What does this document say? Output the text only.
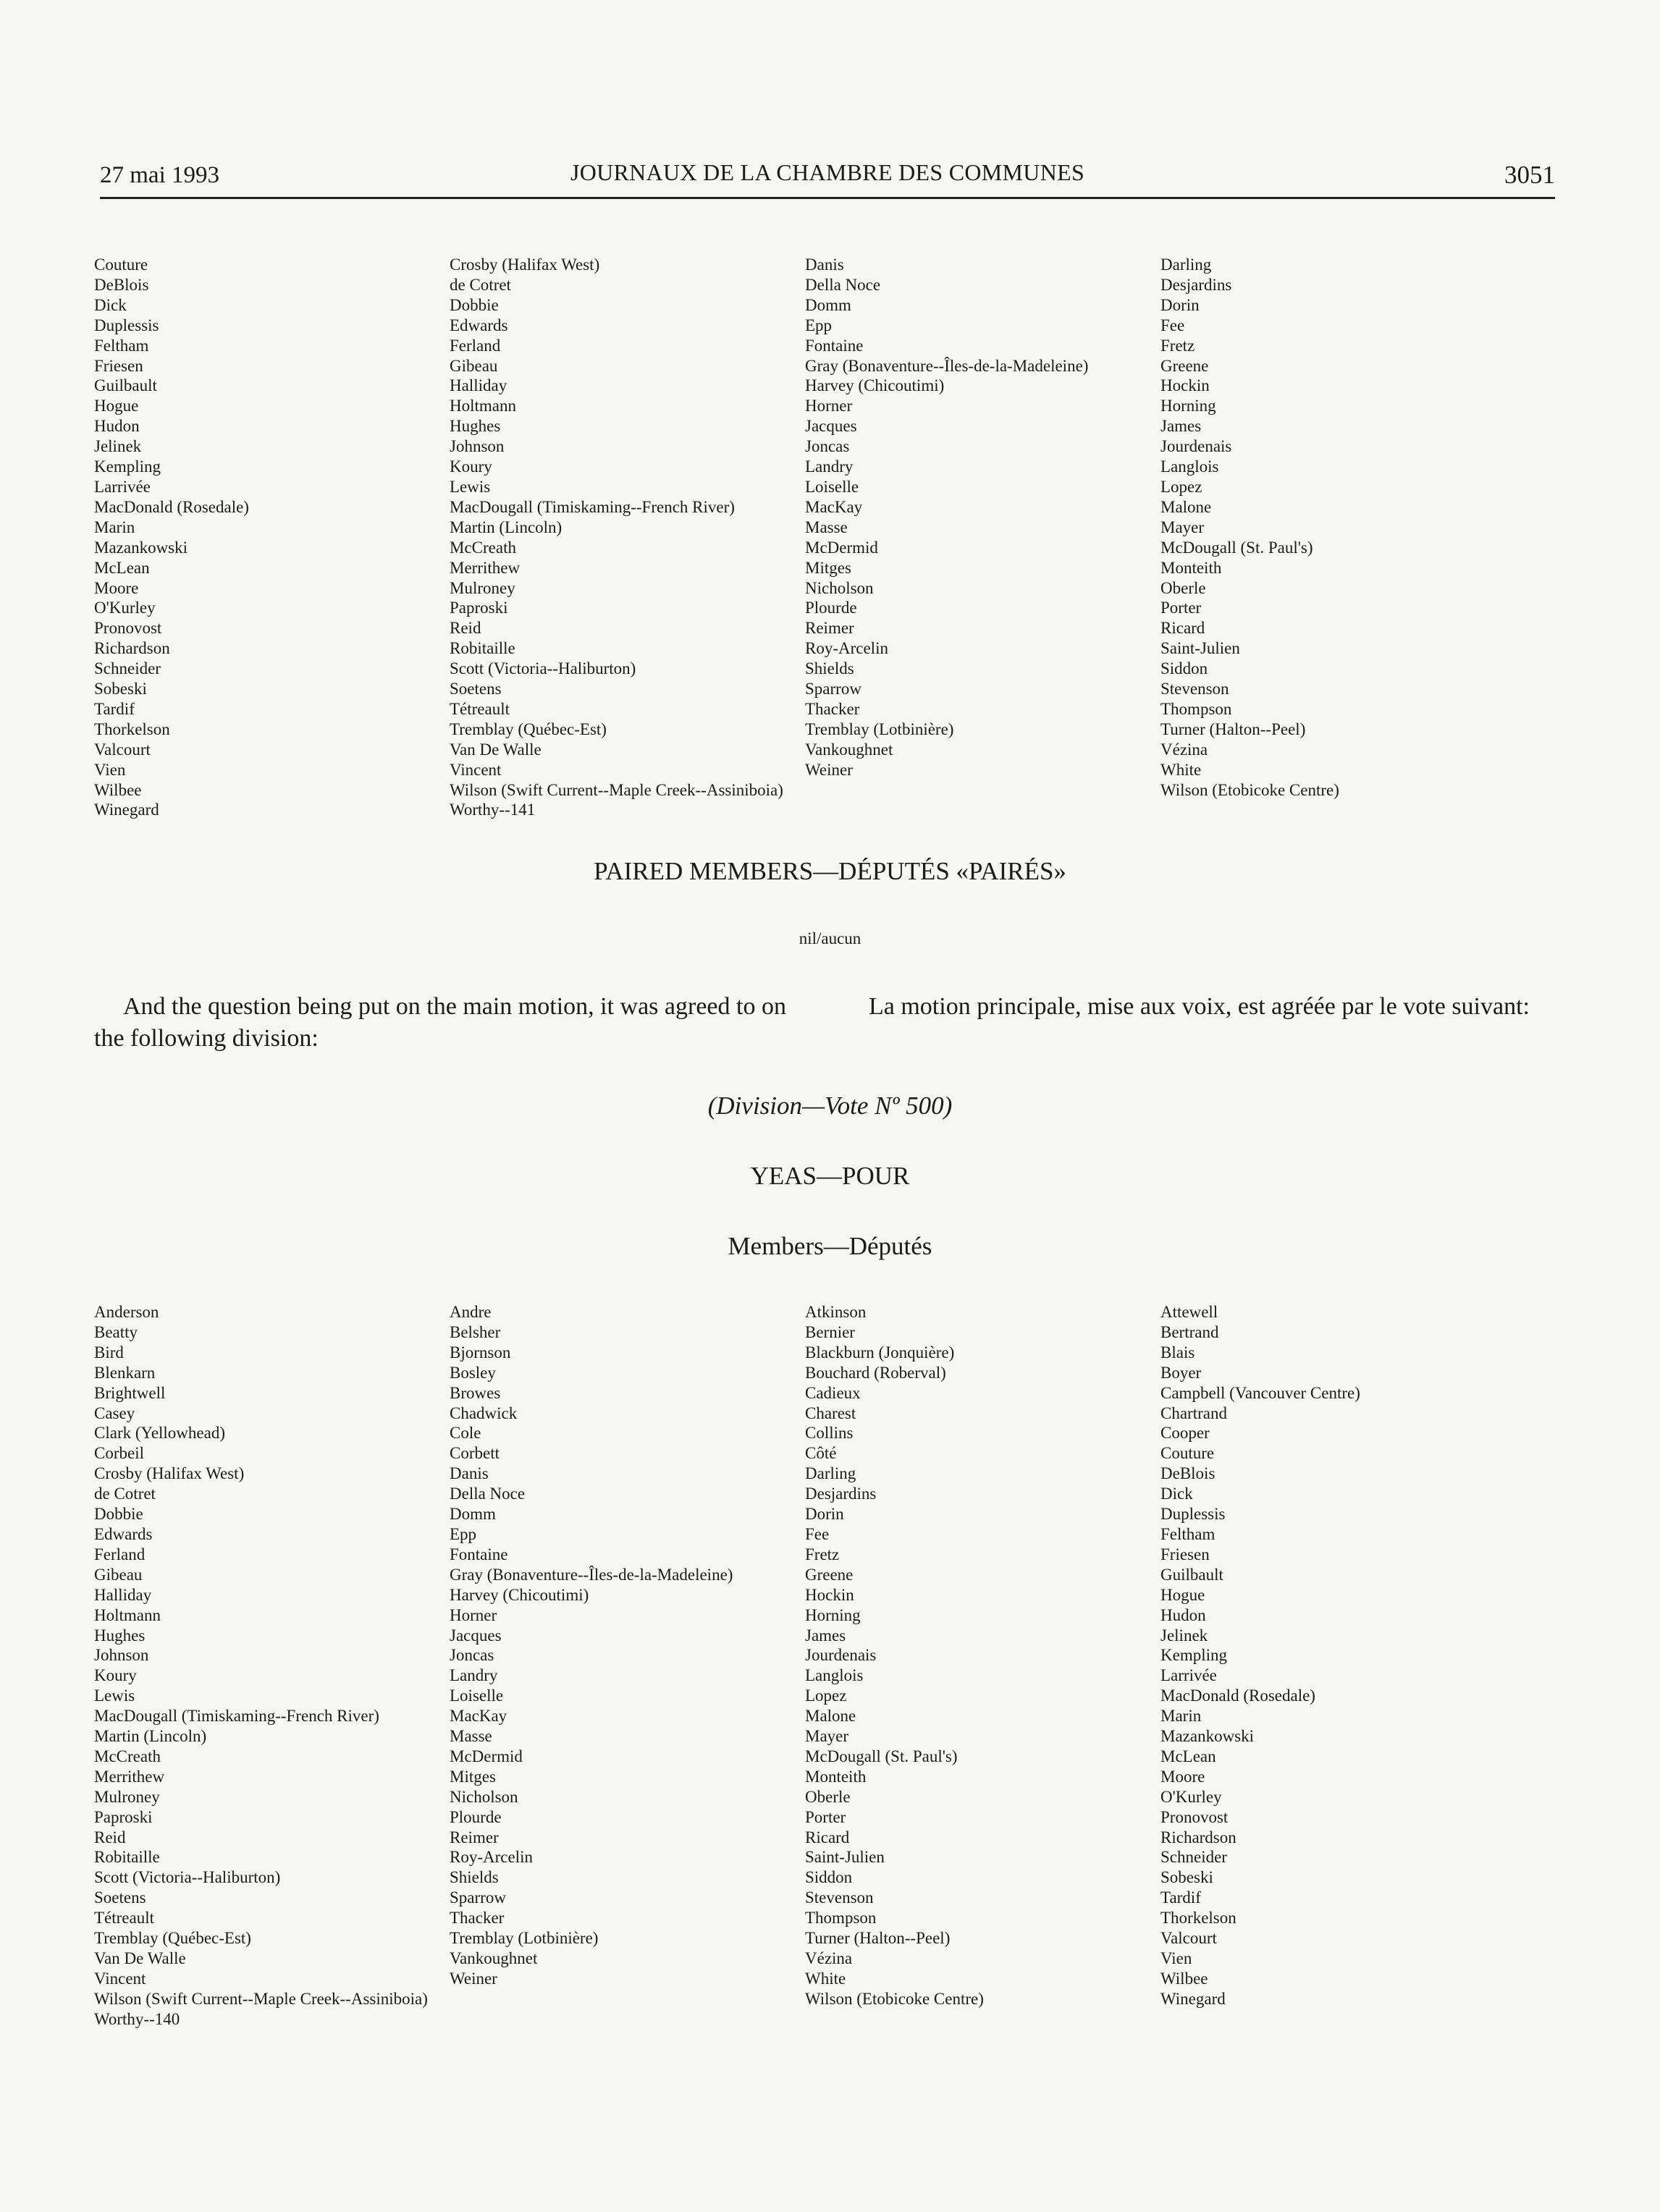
27 mai 1993	JOURNAUX DE LA CHAMBRE DES COMMUNES	3051
Couture
DeBlois
Dick
Duplessis
Feltham
Friesen
Guilbault
Hogue
Hudon
Jelinek
Kempling
Larrivée
MacDonald (Rosedale)
Marin
Mazankowski
McLean
Moore
O'Kurley
Pronovost
Richardson
Schneider
Sobeski
Tardif
Thorkelson
Valcourt
Vien
Wilbee
Winegard
Crosby (Halifax West)
de Cotret
Dobbie
Edwards
Ferland
Gibeau
Halliday
Holtmann
Hughes
Johnson
Koury
Lewis
MacDougall (Timiskaming--French River)
Martin (Lincoln)
McCreath
Merrithew
Mulroney
Paproski
Reid
Robitaille
Scott (Victoria--Haliburton)
Soetens
Tétreault
Tremblay (Québec-Est)
Van De Walle
Vincent
Wilson (Swift Current--Maple Creek--Assiniboia)
Worthy--141
Danis
Della Noce
Domm
Epp
Fontaine
Gray (Bonaventure--Îles-de-la-Madeleine)
Harvey (Chicoutimi)
Horner
Jacques
Joncas
Landry
Loiselle
MacKay
Masse
McDermid
Mitges
Nicholson
Plourde
Reimer
Roy-Arcelin
Shields
Sparrow
Thacker
Tremblay (Lotbinière)
Vankoughnet
Weiner
Darling
Desjardins
Dorin
Fee
Fretz
Greene
Hockin
Horning
James
Jourdenais
Langlois
Lopez
Malone
Mayer
McDougall (St. Paul's)
Monteith
Oberle
Porter
Ricard
Saint-Julien
Siddon
Stevenson
Thompson
Turner (Halton--Peel)
Vézina
White
Wilson (Etobicoke Centre)
PAIRED MEMBERS—DÉPUTÉS «PAIRÉS»
nil/aucun
And the question being put on the main motion, it was agreed to on the following division:
La motion principale, mise aux voix, est agréée par le vote suivant:
(Division—Vote Nº 500)
YEAS—POUR
Members—Députés
Anderson
Beatty
Bird
Blenkarn
Brightwell
Casey
Clark (Yellowhead)
Corbeil
Crosby (Halifax West)
de Cotret
Dobbie
Edwards
Ferland
Gibeau
Halliday
Holtmann
Hughes
Johnson
Koury
Lewis
MacDougall (Timiskaming--French River)
Martin (Lincoln)
McCreath
Merrithew
Mulroney
Paproski
Reid
Robitaille
Scott (Victoria--Haliburton)
Soetens
Tétreault
Tremblay (Québec-Est)
Van De Walle
Vincent
Wilson (Swift Current--Maple Creek--Assiniboia)
Worthy--140
Andre
Belsher
Bjornson
Bosley
Browes
Chadwick
Cole
Corbett
Danis
Della Noce
Domm
Epp
Fontaine
Gray (Bonaventure--Îles-de-la-Madeleine)
Harvey (Chicoutimi)
Horner
Jacques
Joncas
Landry
Loiselle
MacKay
Masse
McDermid
Mitges
Nicholson
Plourde
Reimer
Roy-Arcelin
Shields
Sparrow
Thacker
Tremblay (Lotbinière)
Vankoughnet
Weiner
Atkinson
Bernier
Blackburn (Jonquière)
Bouchard (Roberval)
Cadieux
Charest
Collins
Côté
Darling
Desjardins
Dorin
Fee
Fretz
Greene
Hockin
Horning
James
Jourdenais
Langlois
Lopez
Malone
Mayer
McDougall (St. Paul's)
Monteith
Oberle
Porter
Ricard
Saint-Julien
Siddon
Stevenson
Thompson
Turner (Halton--Peel)
Vézina
White
Wilson (Etobicoke Centre)
Attewell
Bertrand
Blais
Boyer
Campbell (Vancouver Centre)
Chartrand
Cooper
Couture
DeBlois
Dick
Duplessis
Feltham
Friesen
Guilbault
Hogue
Hudon
Jelinek
Kempling
Larrivée
MacDonald (Rosedale)
Marin
Mazankowski
McLean
Moore
O'Kurley
Pronovost
Richardson
Schneider
Sobeski
Tardif
Thorkelson
Valcourt
Vien
Wilbee
Winegard
